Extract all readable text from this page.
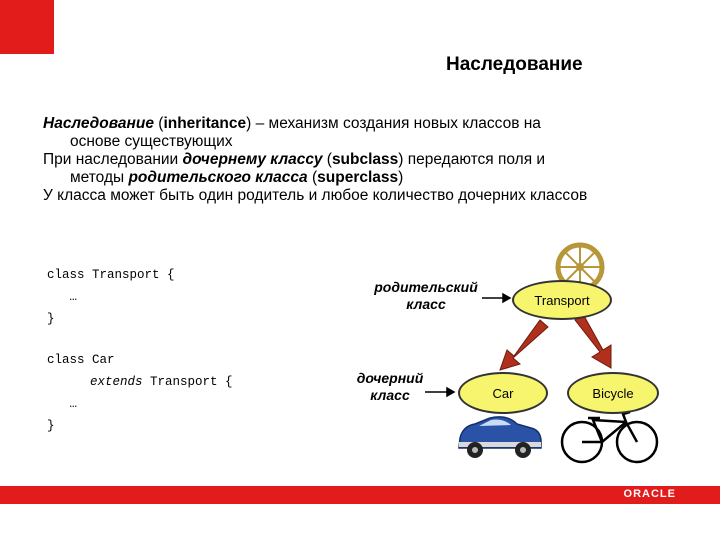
Наследование

Наследование (inheritance) – механизм создания новых классов на

основе существующих

При наследовании дочернему классу (subclass) передаются поля и

методы родительского класса (superclass)

У класса может быть один родитель и любое количество дочерних классов

class Transport {
…
}
class Car
extends Transport {
…
}
родительский
класс
дочерний
класс
Transport
Car	Bicycle
ORACLE
